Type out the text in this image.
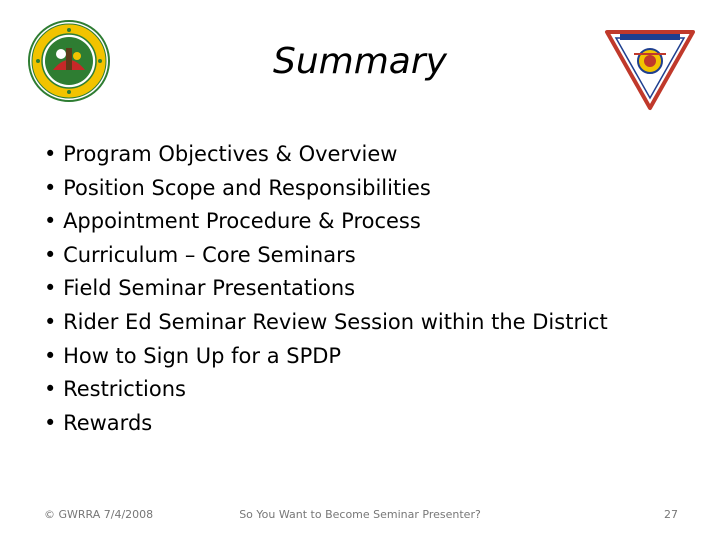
Summary
• Program Objectives & Overview
• Position Scope and Responsibilities
• Appointment Procedure & Process
• Curriculum – Core Seminars
• Field Seminar Presentations
• Rider Ed Seminar Review Session within the District
• How to Sign Up for a SPDP
• Restrictions
• Rewards
© GWRRA 7/4/2008	So You Want to Become Seminar Presenter?	27
